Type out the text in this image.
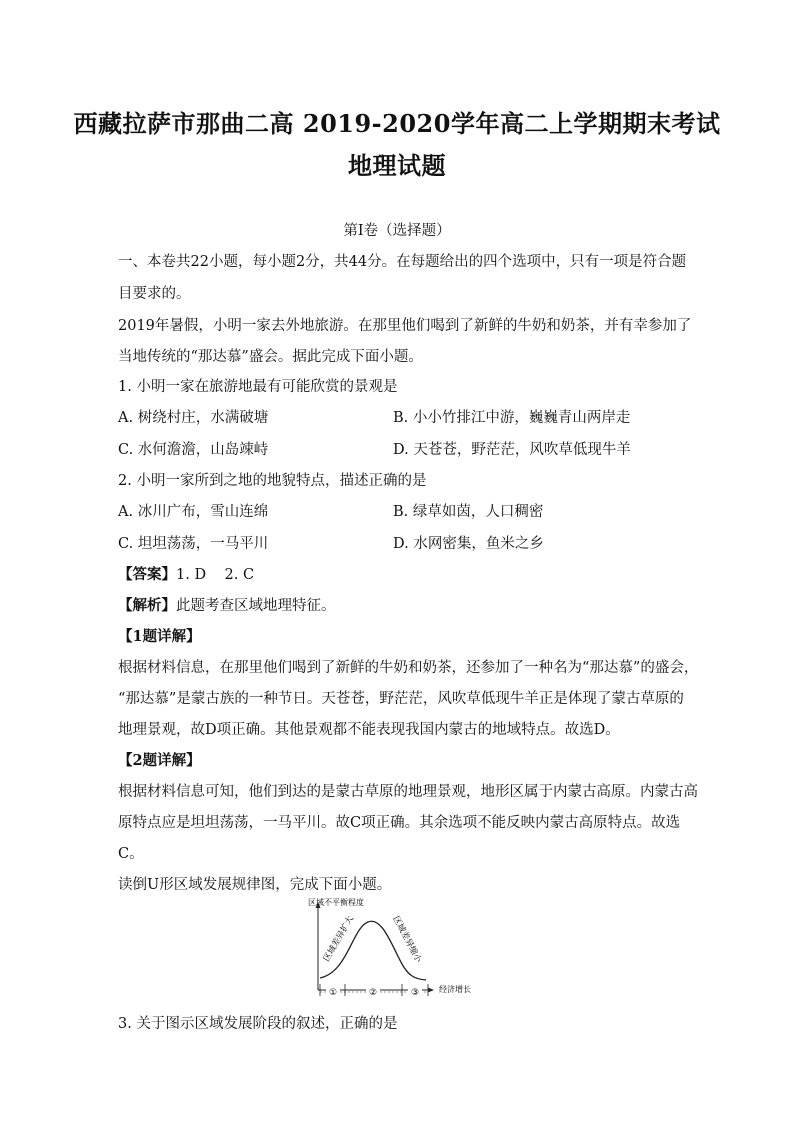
西藏拉萨市那曲二高 2019-2020学年高二上学期期末考试
地理试题
第I卷（选择题）
一、本卷共22小题，每小题2分，共44分。在每题给出的四个选项中，只有一项是符合题
目要求的。
2019年暑假，小明一家去外地旅游。在那里他们喝到了新鲜的牛奶和奶茶，并有幸参加了
当地传统的“那达慕”盛会。据此完成下面小题。
1. 小明一家在旅游地最有可能欣赏的景观是
A. 树绕村庄，水满破塘	B. 小小竹排江中游，巍巍青山两岸走
C. 水何澹澹，山岛竦峙	D. 天苍苍，野茫茫，风吹草低现牛羊
2. 小明一家所到之地的地貌特点，描述正确的是
A. 冰川广布，雪山连绵	B. 绿草如茵，人口稠密
C. 坦坦荡荡，一马平川	D. 水网密集，鱼米之乡
【答案】1. D    2. C
【解析】此题考查区域地理特征。
【1题详解】
根据材料信息，在那里他们喝到了新鲜的牛奶和奶茶，还参加了一种名为“那达慕”的盛会，
“那达慕”是蒙古族的一种节日。天苍苍，野茫茫，风吹草低现牛羊正是体现了蒙古草原的
地理景观，故D项正确。其他景观都不能表现我国内蒙古的地域特点。故选D。
【2题详解】
根据材料信息可知，他们到达的是蒙古草原的地理景观，地形区属于内蒙古高原。内蒙古高
原特点应是坦坦荡荡，一马平川。故C项正确。其余选项不能反映内蒙古高原特点。故选
C。
读倒U形区域发展规律图，完成下面小题。
①	②	③
区域不平衡程度
经济增长
区域差异扩大	区域差异缩小
3. 关于图示区域发展阶段的叙述，正确的是
